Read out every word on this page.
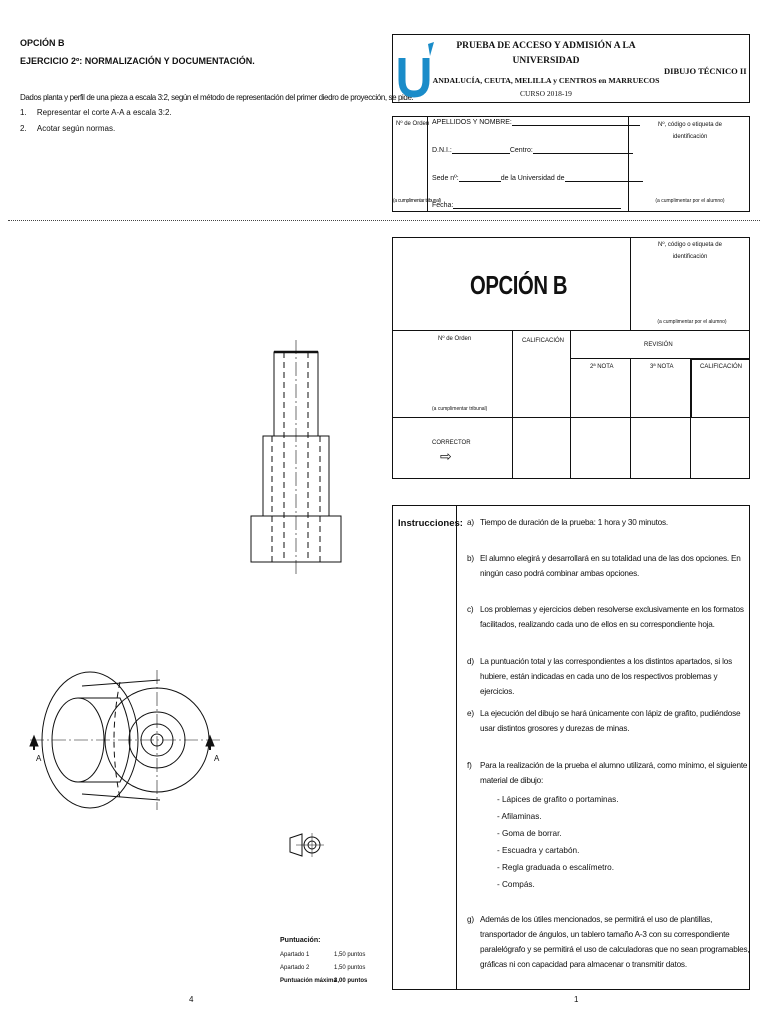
OPCIÓN B
EJERCICIO 2º: NORMALIZACIÓN Y DOCUMENTACIÓN.
Dados planta y perfil de una pieza a escala 3:2, según el método de representación del primer diedro de proyección, se pide:
1. Representar el corte A-A a escala 3:2.
2. Acotar según normas.
PRUEBA DE ACCESO Y ADMISIÓN A LA
UNIVERSIDAD
ANDALUCÍA, CEUTA, MELILLA y CENTROS en MARRUECOS
CURSO 2018-19
DIBUJO TÉCNICO II
Nº de Orden
(a cumplimentar tribunal)
APELLIDOS Y NOMBRE:
D.N.I.:	Centro:
Sede nº:	de la Universidad de
Fecha:
Nº, código o etiqueta de
identificación
(a cumplimentar por el alumno)
OPCIÓN B
Nº, código o etiqueta de
identificación
(a cumplimentar por el alumno)
Nº de Orden
(a cumplimentar tribunal)
CALIFICACIÓN
REVISIÓN
2ª NOTA	3ª NOTA	CALIFICACIÓN
CORRECTOR
⇨
Instrucciones: a) Tiempo de duración de la prueba: 1 hora y 30 minutos.
b) El alumno elegirá y desarrollará en su totalidad una de las dos opciones. En ningún caso podrá combinar ambas opciones.
c) Los problemas y ejercicios deben resolverse exclusivamente en los formatos facilitados, realizando cada uno de ellos en su correspondiente hoja.
d) La puntuación total y las correspondientes a los distintos apartados, si los hubiere, están indicadas en cada uno de los respectivos problemas y ejercicios.
e) La ejecución del dibujo se hará únicamente con lápiz de grafito, pudiéndose usar distintos grosores y durezas de minas.
f) Para la realización de la prueba el alumno utilizará, como mínimo, el siguiente material de dibujo:
- Lápices de grafito o portaminas.
- Afilaminas.
- Goma de borrar.
- Escuadra y cartabón.
- Regla graduada o escalímetro.
- Compás.
g) Además de los útiles mencionados, se permitirá el uso de plantillas, transportador de ángulos, un tablero tamaño A-3 con su correspondiente paralelógrafo y se permitirá el uso de calculadoras que no sean programables, gráficas ni con capacidad para almacenar o transmitir datos.
A	A
Puntuación:
Apartado 1	1,50 puntos
Apartado 2	1,50 puntos
Puntuación máxima
3,00 puntos
4	1
